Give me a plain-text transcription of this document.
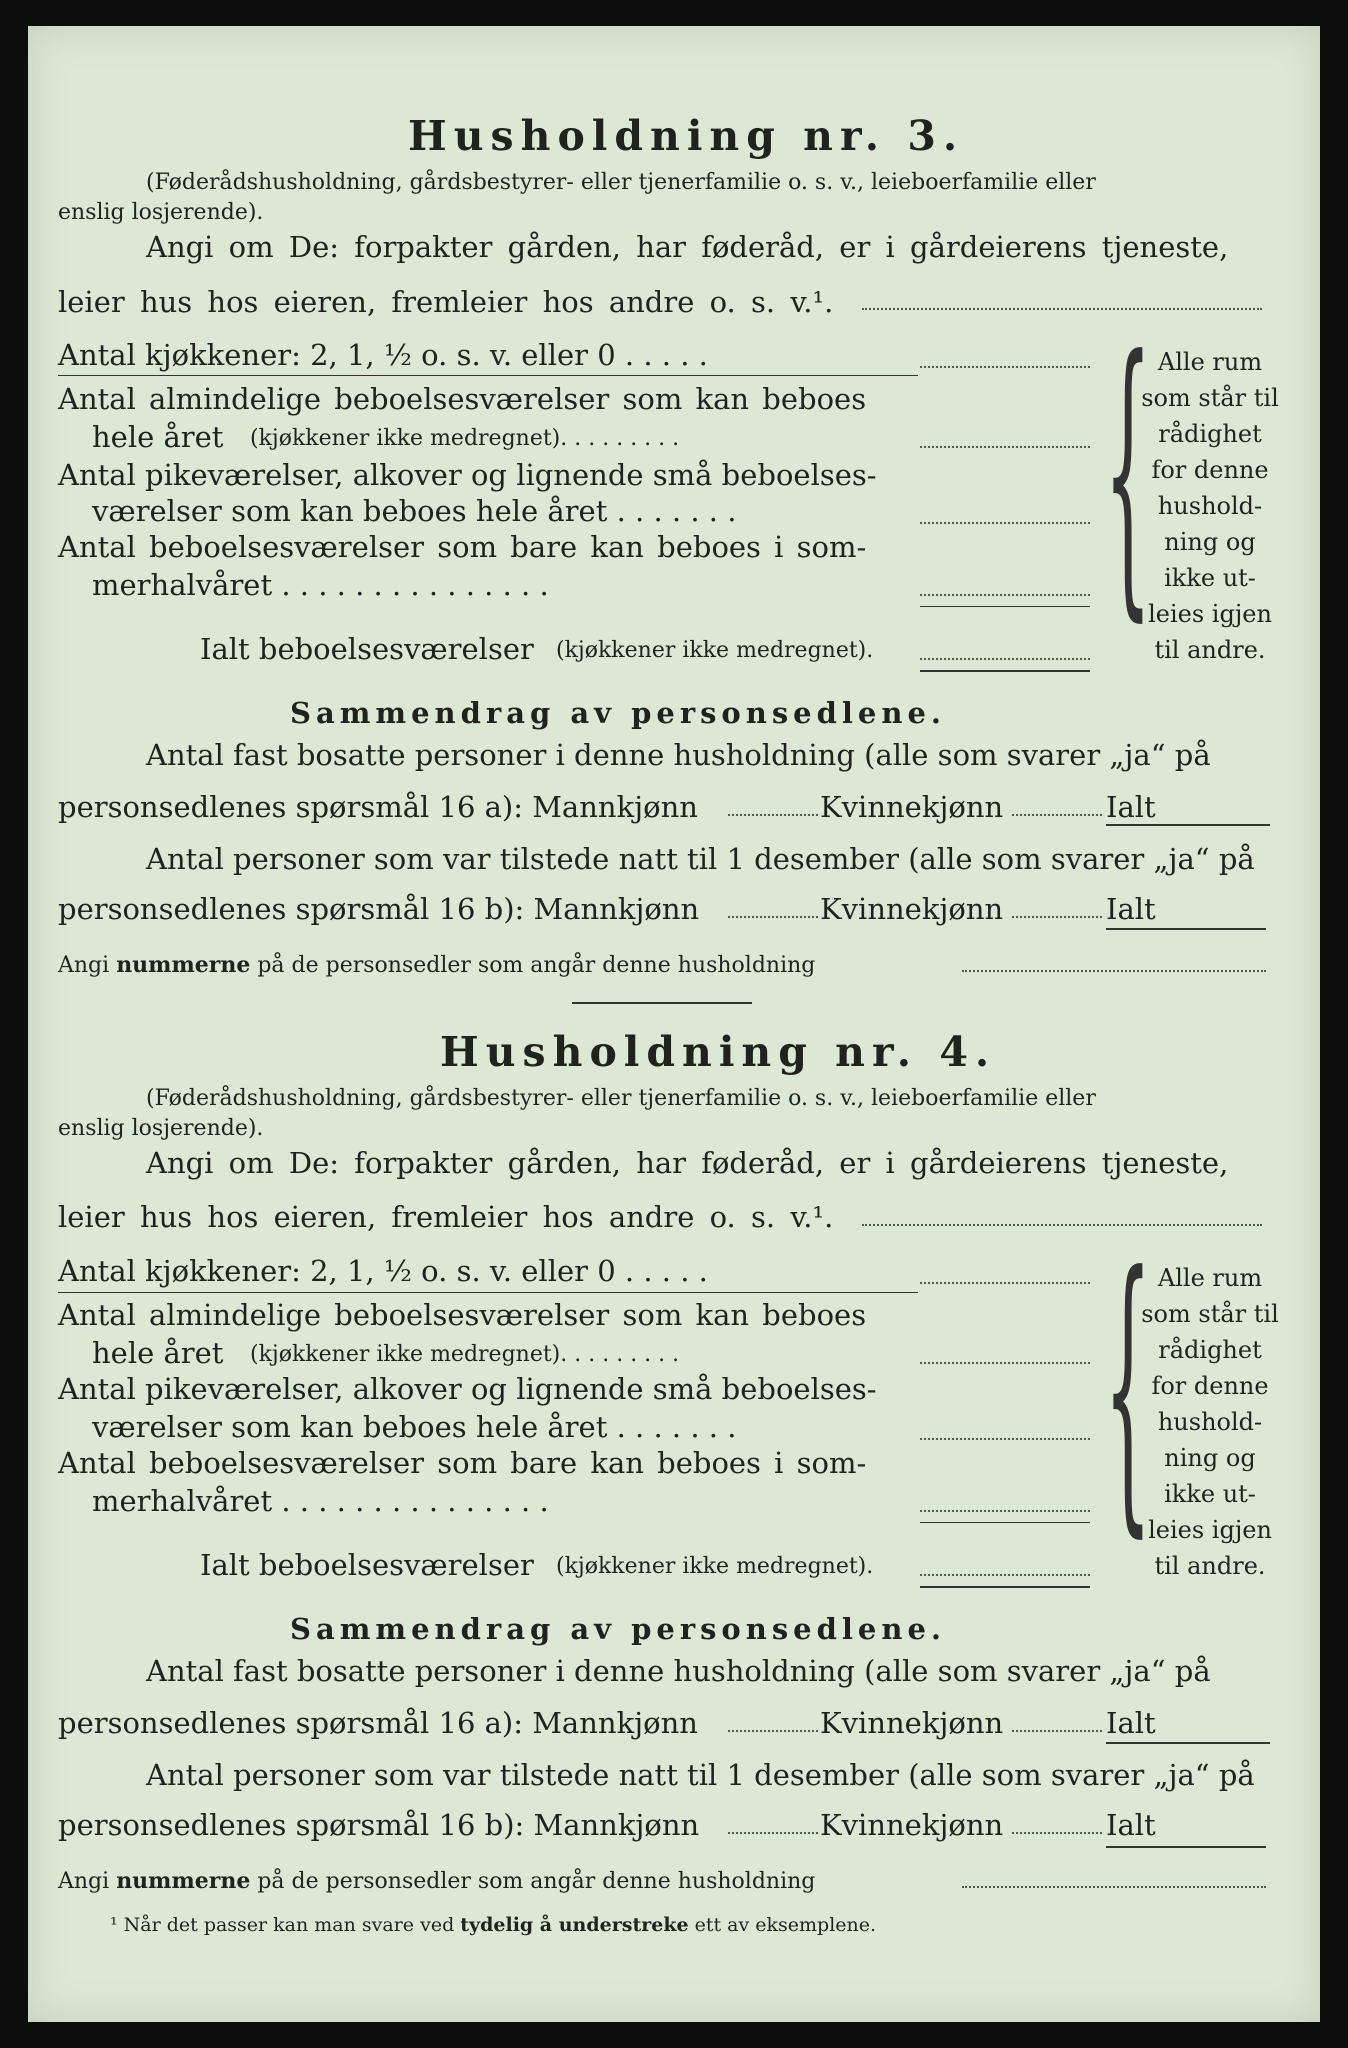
Husholdning nr. 3.
(Føderådshusholdning, gårdsbestyrer- eller tjenerfamilie o. s. v., leieboerfamilie eller
enslig losjerende).
Angi om De: forpakter gården, har føderåd, er i gårdeierens tjeneste,
leier hus hos eieren, fremleier hos andre o. s. v.¹.
Antal kjøkkener: 2, 1, ½ o. s. v. eller 0 . . . . .
Antal almindelige beboelsesværelser som kan beboes
hele året (kjøkkener ikke medregnet). . . . . . . . .
Antal pikeværelser, alkover og lignende små beboelses-
værelser som kan beboes hele året . . . . . . .
Antal beboelsesværelser som bare kan beboes i som-
merhalvåret . . . . . . . . . . . . . . .
Ialt beboelsesværelser (kjøkkener ikke medregnet).
{ Alle rum
som står til
rådighet
for denne
hushold-
ning og
ikke ut-
leies igjen
til andre.
Sammendrag av personsedlene.
Antal fast bosatte personer i denne husholdning (alle som svarer „ja“ på
personsedlenes spørsmål 16 a): Mannkjønn	Kvinnekjønn	Ialt
Antal personer som var tilstede natt til 1 desember (alle som svarer „ja“ på
personsedlenes spørsmål 16 b): Mannkjønn	Kvinnekjønn	Ialt
Angi nummerne på de personsedler som angår denne husholdning
Husholdning nr. 4.
(Føderådshusholdning, gårdsbestyrer- eller tjenerfamilie o. s. v., leieboerfamilie eller
enslig losjerende).
Angi om De: forpakter gården, har føderåd, er i gårdeierens tjeneste,
leier hus hos eieren, fremleier hos andre o. s. v.¹.
Antal kjøkkener: 2, 1, ½ o. s. v. eller 0 . . . . .
Antal almindelige beboelsesværelser som kan beboes
hele året (kjøkkener ikke medregnet). . . . . . . . .
Antal pikeværelser, alkover og lignende små beboelses-
værelser som kan beboes hele året . . . . . . .
Antal beboelsesværelser som bare kan beboes i som-
merhalvåret . . . . . . . . . . . . . . .
Ialt beboelsesværelser (kjøkkener ikke medregnet).
{ Alle rum
som står til
rådighet
for denne
hushold-
ning og
ikke ut-
leies igjen
til andre.
Sammendrag av personsedlene.
Antal fast bosatte personer i denne husholdning (alle som svarer „ja“ på
personsedlenes spørsmål 16 a): Mannkjønn	Kvinnekjønn	Ialt
Antal personer som var tilstede natt til 1 desember (alle som svarer „ja“ på
personsedlenes spørsmål 16 b): Mannkjønn	Kvinnekjønn	Ialt
Angi nummerne på de personsedler som angår denne husholdning
¹ Når det passer kan man svare ved tydelig å understreke ett av eksemplene.
